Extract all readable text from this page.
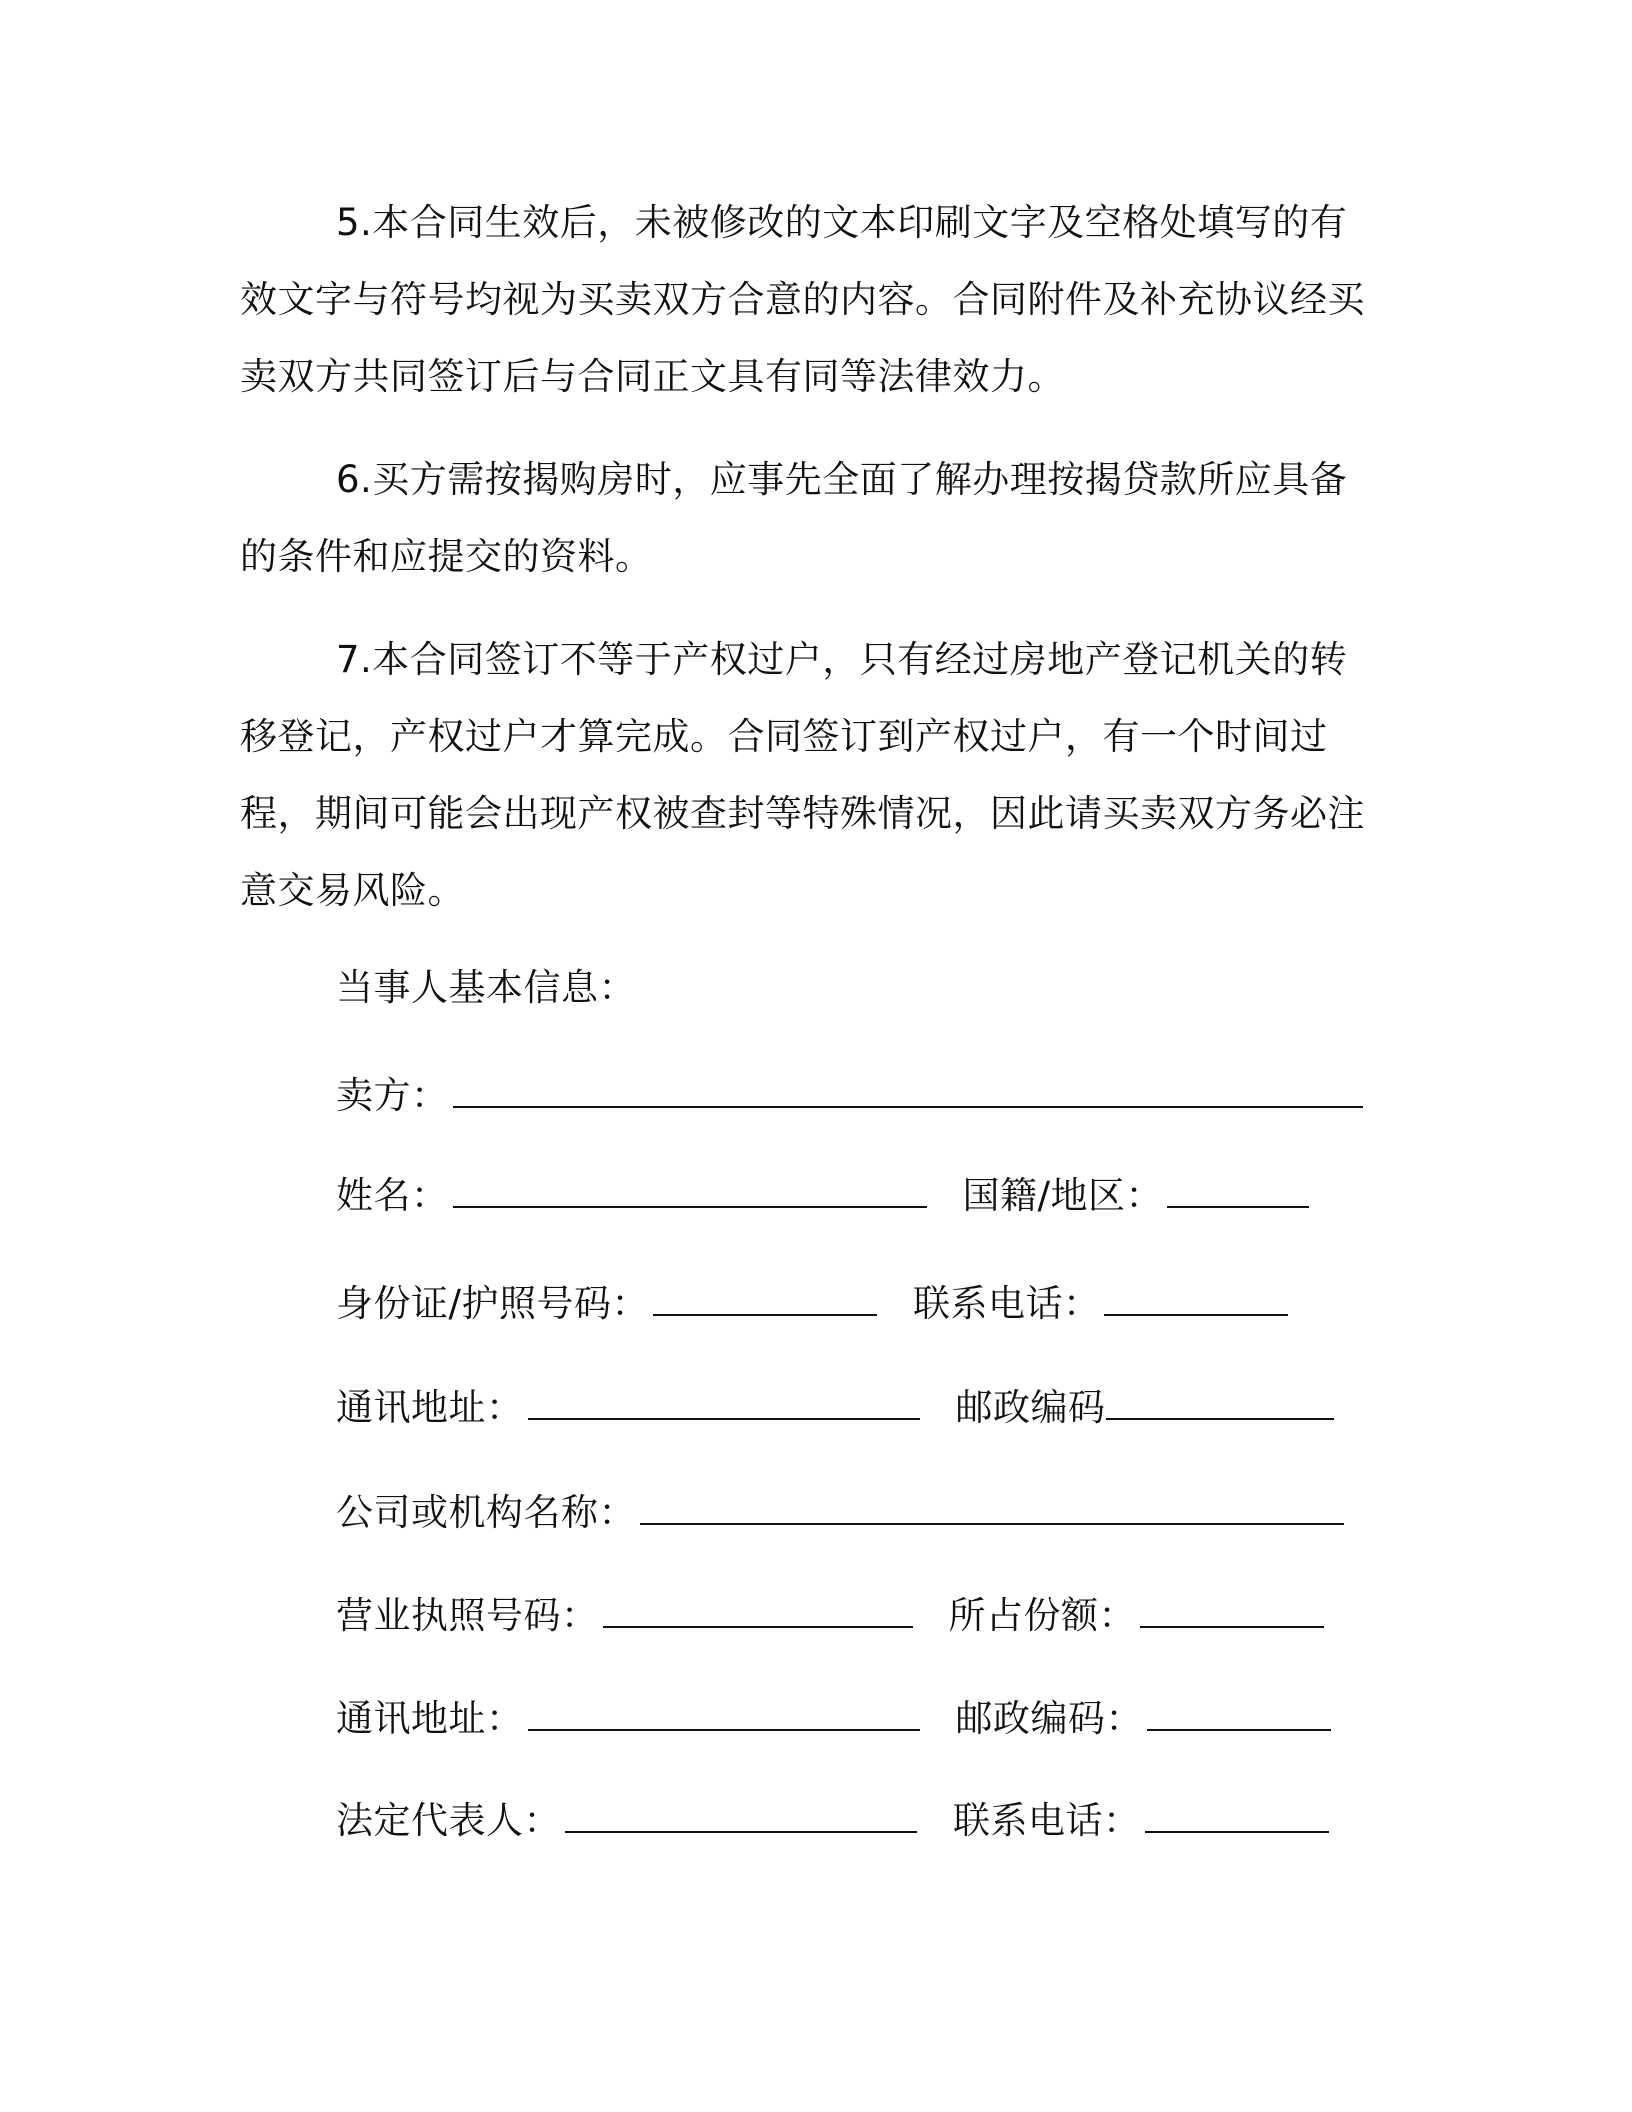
5.本合同生效后，未被修改的文本印刷文字及空格处填写的有效文字与符号均视为买卖双方合意的内容。合同附件及补充协议经买卖双方共同签订后与合同正文具有同等法律效力。

6.买方需按揭购房时，应事先全面了解办理按揭贷款所应具备的条件和应提交的资料。

7.本合同签订不等于产权过户，只有经过房地产登记机关的转移登记，产权过户才算完成。合同签订到产权过户，有一个时间过程，期间可能会出现产权被查封等特殊情况，因此请买卖双方务必注意交易风险。

当事人基本信息：
卖方：
姓名：	国籍/地区：
身份证/护照号码：	联系电话：
通讯地址：	邮政编码
公司或机构名称：
营业执照号码：	所占份额：
通讯地址：	邮政编码：
法定代表人：	联系电话：
